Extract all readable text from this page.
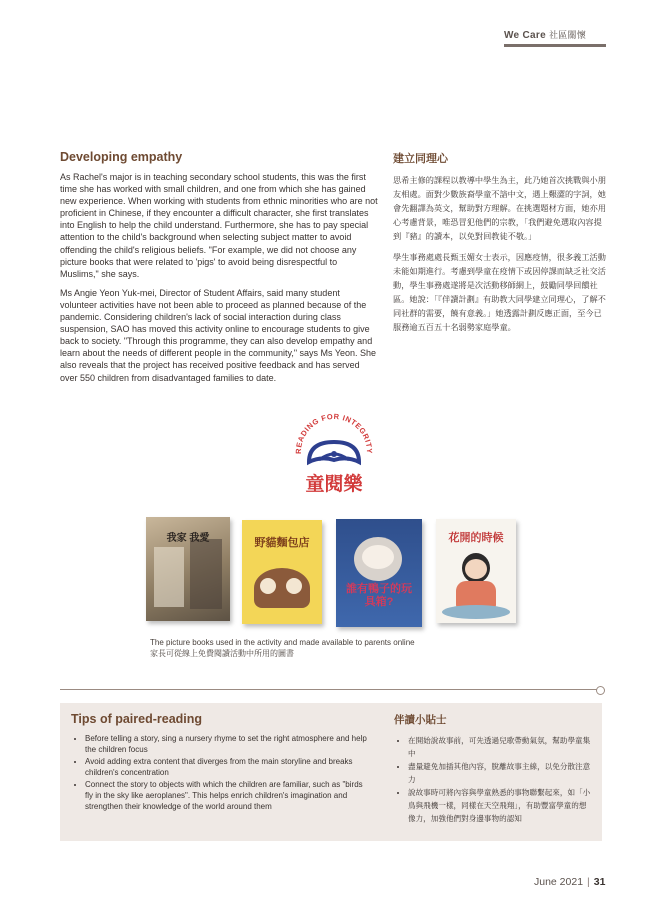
We Care 社區關懷
Developing empathy

As Rachel's major is in teaching secondary school students, this was the first time she has worked with small children, and one from which she has gained new experience. When working with students from ethnic minorities who are not proficient in Chinese, if they encounter a difficult character, she first translates into English to help the child understand. Furthermore, she has to pay special attention to the child's background when selecting subject matter to avoid offending the child's religious beliefs. "For example, we did not choose any picture books that were related to 'pigs' to avoid being disrespectful to Muslims," she says.

Ms Angie Yeon Yuk-mei, Director of Student Affairs, said many student volunteer activities have not been able to proceed as planned because of the pandemic. Considering children's lack of social interaction during class suspension, SAO has moved this activity online to encourage students to give back to society. "Through this programme, they can also develop empathy and learn about the needs of different people in the community," says Ms Yeon. She also reveals that the project has received positive feedback and has served over 550 children from disadvantaged families to date.

建立同理心

思希主修的課程以教導中學生為主，此乃她首次挑戰與小朋友相處。面對少數族裔學童不諳中文，遇上艱澀的字詞，她會先翻譯為英文，幫助對方理解。在挑選題材方面，她亦用心考慮背景，唯恐冒犯他們的宗教，「我們避免選取內容提到『豬』的讀本，以免對回教徒不敬。」

學生事務處處長甄玉媚女士表示，因應疫情，很多義工活動未能如期進行。考慮到學童在疫情下或因停課而缺乏社交活動，學生事務處遂將是次活動移師網上，鼓勵同學回饋社區。她說：「『伴讀計劃』有助教大同學建立同理心，了解不同社群的需要，饒有意義。」她透露計劃反應正面，至今已服務逾五百五十名弱勢家庭學童。

READING FOR INTEGRITY
童閱樂
我家 我愛	野貓麵包店
誰有鴨子的玩具箱?
花開的時候
The picture books used in the activity and made available to parents online
家長可從線上免費閱讀活動中所用的圖書
Tips of paired-reading
• Before telling a story, sing a nursery rhyme to set the right atmosphere and help the children focus
• Avoid adding extra content that diverges from the main storyline and breaks children's concentration
• Connect the story to objects with which the children are familiar, such as "birds fly in the sky like aeroplanes". This helps enrich children's imagination and strengthen their knowledge of the world around them
伴讀小貼士
• 在開始說故事前，可先透過兒歌帶動氣氛，幫助學童集中
• 盡量避免加插其他內容，脫離故事主線，以免分散注意力
• 說故事時可將內容與學童熟悉的事物聯繫起來，如「小鳥與飛機一樣，同樣在天空飛翔」，有助豐富學童的想像力，加強他們對身邊事物的認知
June 2021 | 31
